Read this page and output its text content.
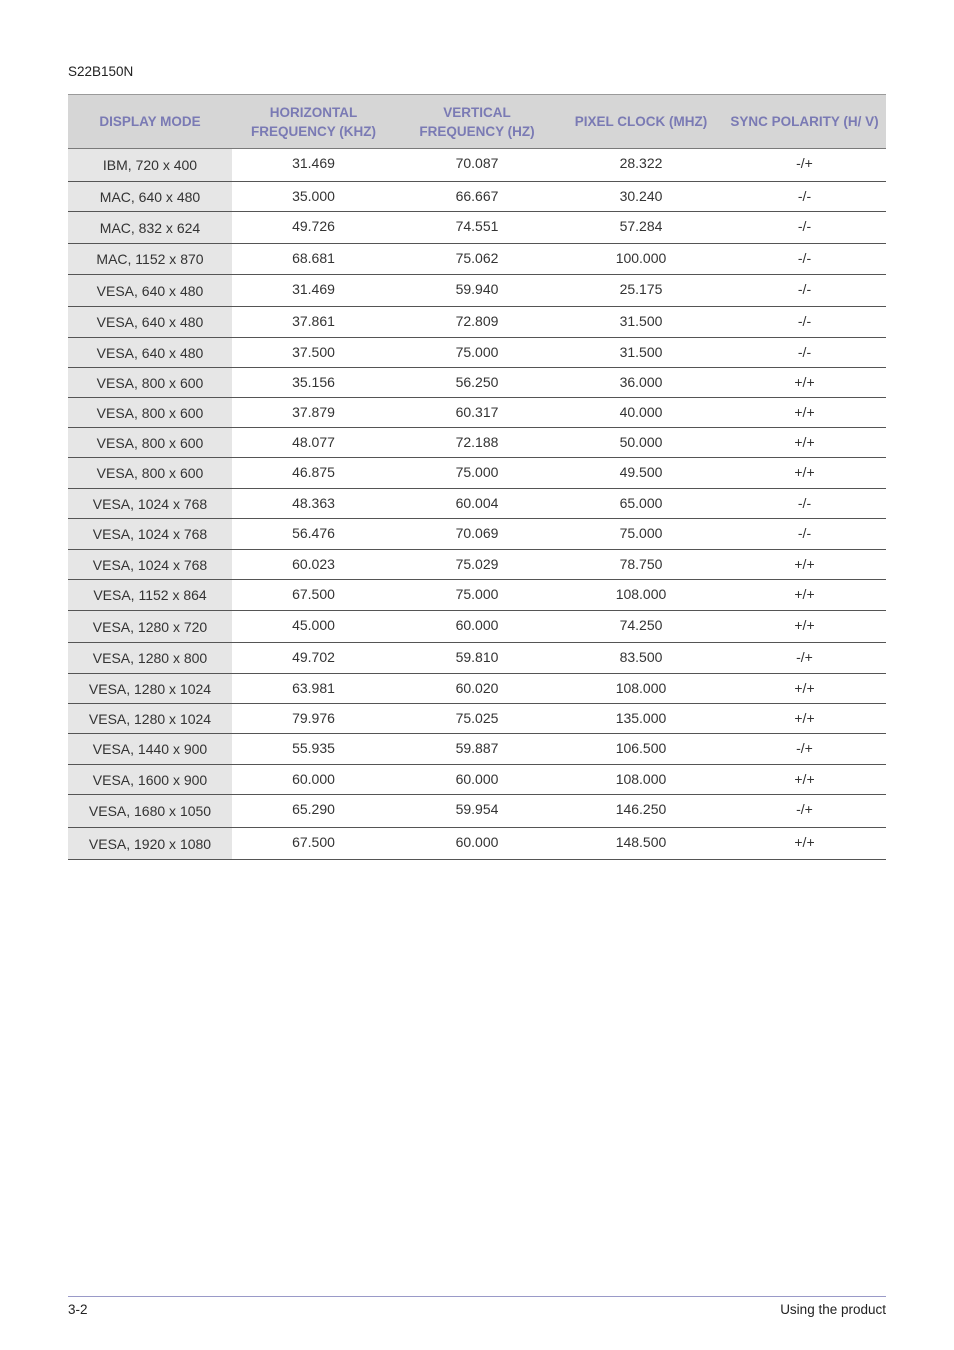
S22B150N
DISPLAY MODE	HORIZONTAL FREQUENCY (KHZ)	VERTICAL FREQUENCY (HZ)	PIXEL CLOCK (MHZ)	SYNC POLARITY (H/ V)
IBM, 720 x 400	31.469	70.087	28.322	-/+
MAC, 640 x 480	35.000	66.667	30.240	-/-
MAC, 832 x 624	49.726	74.551	57.284	-/-
MAC, 1152 x 870	68.681	75.062	100.000	-/-
VESA, 640 x 480	31.469	59.940	25.175	-/-
VESA, 640 x 480	37.861	72.809	31.500	-/-
VESA, 640 x 480	37.500	75.000	31.500	-/-
VESA, 800 x 600	35.156	56.250	36.000	+/+
VESA, 800 x 600	37.879	60.317	40.000	+/+
VESA, 800 x 600	48.077	72.188	50.000	+/+
VESA, 800 x 600	46.875	75.000	49.500	+/+
VESA, 1024 x 768	48.363	60.004	65.000	-/-
VESA, 1024 x 768	56.476	70.069	75.000	-/-
VESA, 1024 x 768	60.023	75.029	78.750	+/+
VESA, 1152 x 864	67.500	75.000	108.000	+/+
VESA, 1280 x 720	45.000	60.000	74.250	+/+
VESA, 1280 x 800	49.702	59.810	83.500	-/+
VESA, 1280 x 1024	63.981	60.020	108.000	+/+
VESA, 1280 x 1024	79.976	75.025	135.000	+/+
VESA, 1440 x 900	55.935	59.887	106.500	-/+
VESA, 1600 x 900	60.000	60.000	108.000	+/+
VESA, 1680 x 1050	65.290	59.954	146.250	-/+
VESA, 1920 x 1080	67.500	60.000	148.500	+/+
3-2	Using the product
